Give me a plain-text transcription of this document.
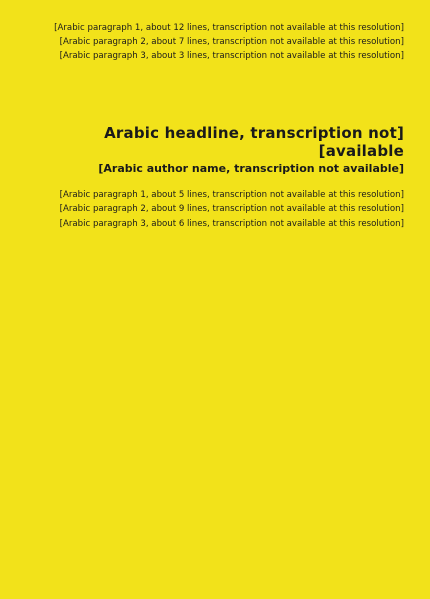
[Arabic paragraph 1, about 12 lines, transcription not available at this resolution]

[Arabic paragraph 2, about 7 lines, transcription not available at this resolution]

[Arabic paragraph 3, about 3 lines, transcription not available at this resolution]

[Arabic headline, transcription not available]
[Arabic author name, transcription not available]

[Arabic paragraph 1, about 5 lines, transcription not available at this resolution]

[Arabic paragraph 2, about 9 lines, transcription not available at this resolution]

[Arabic paragraph 3, about 6 lines, transcription not available at this resolution]
